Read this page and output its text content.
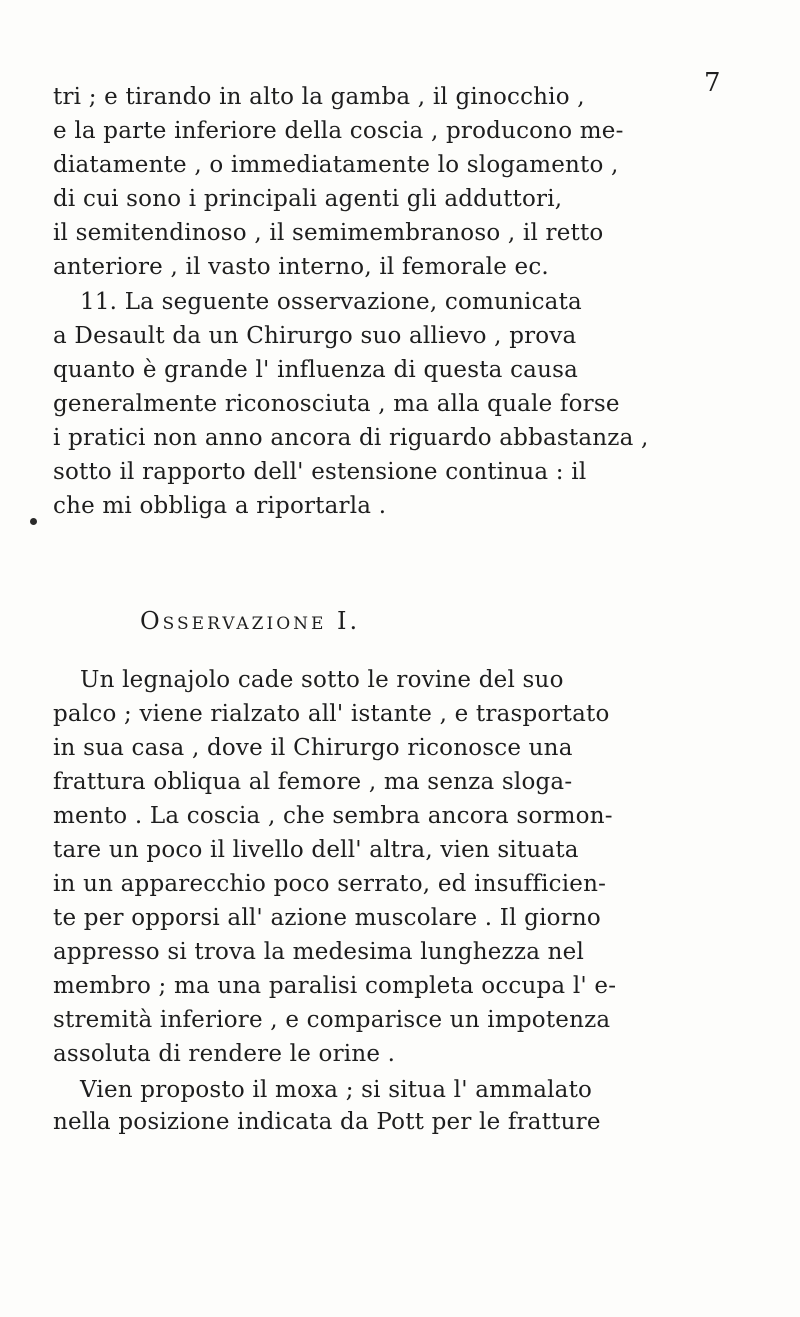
7
tri ; e tirando in alto la gamba , il ginocchio ,
e la parte inferiore della coscia , producono me-
diatamente , o immediatamente lo slogamento ,
di cui sono i principali agenti gli adduttori,
il semitendinoso , il semimembranoso , il retto
anteriore , il vasto interno, il femorale ec.
11. La seguente osservazione, comunicata
a Desault da un Chirurgo suo allievo , prova
quanto è grande l' influenza di questa causa
generalmente riconosciuta , ma alla quale forse
i pratici non anno ancora di riguardo abbastanza ,
sotto il rapporto dell' estensione continua : il
che mi obbliga a riportarla .
Osservazione I.
Un legnajolo cade sotto le rovine del suo
palco ; viene rialzato all' istante , e trasportato
in sua casa , dove il Chirurgo riconosce una
frattura obliqua al femore , ma senza sloga-
mento . La coscia , che sembra ancora sormon-
tare un poco il livello dell' altra, vien situata
in un apparecchio poco serrato, ed insufficien-
te per opporsi all' azione muscolare . Il giorno
appresso si trova la medesima lunghezza nel
membro ; ma una paralisi completa occupa l' e-
stremità inferiore , e comparisce un impotenza
assoluta di rendere le orine .
Vien proposto il moxa ; si situa l' ammalato
nella posizione indicata da Pott per le fratture
